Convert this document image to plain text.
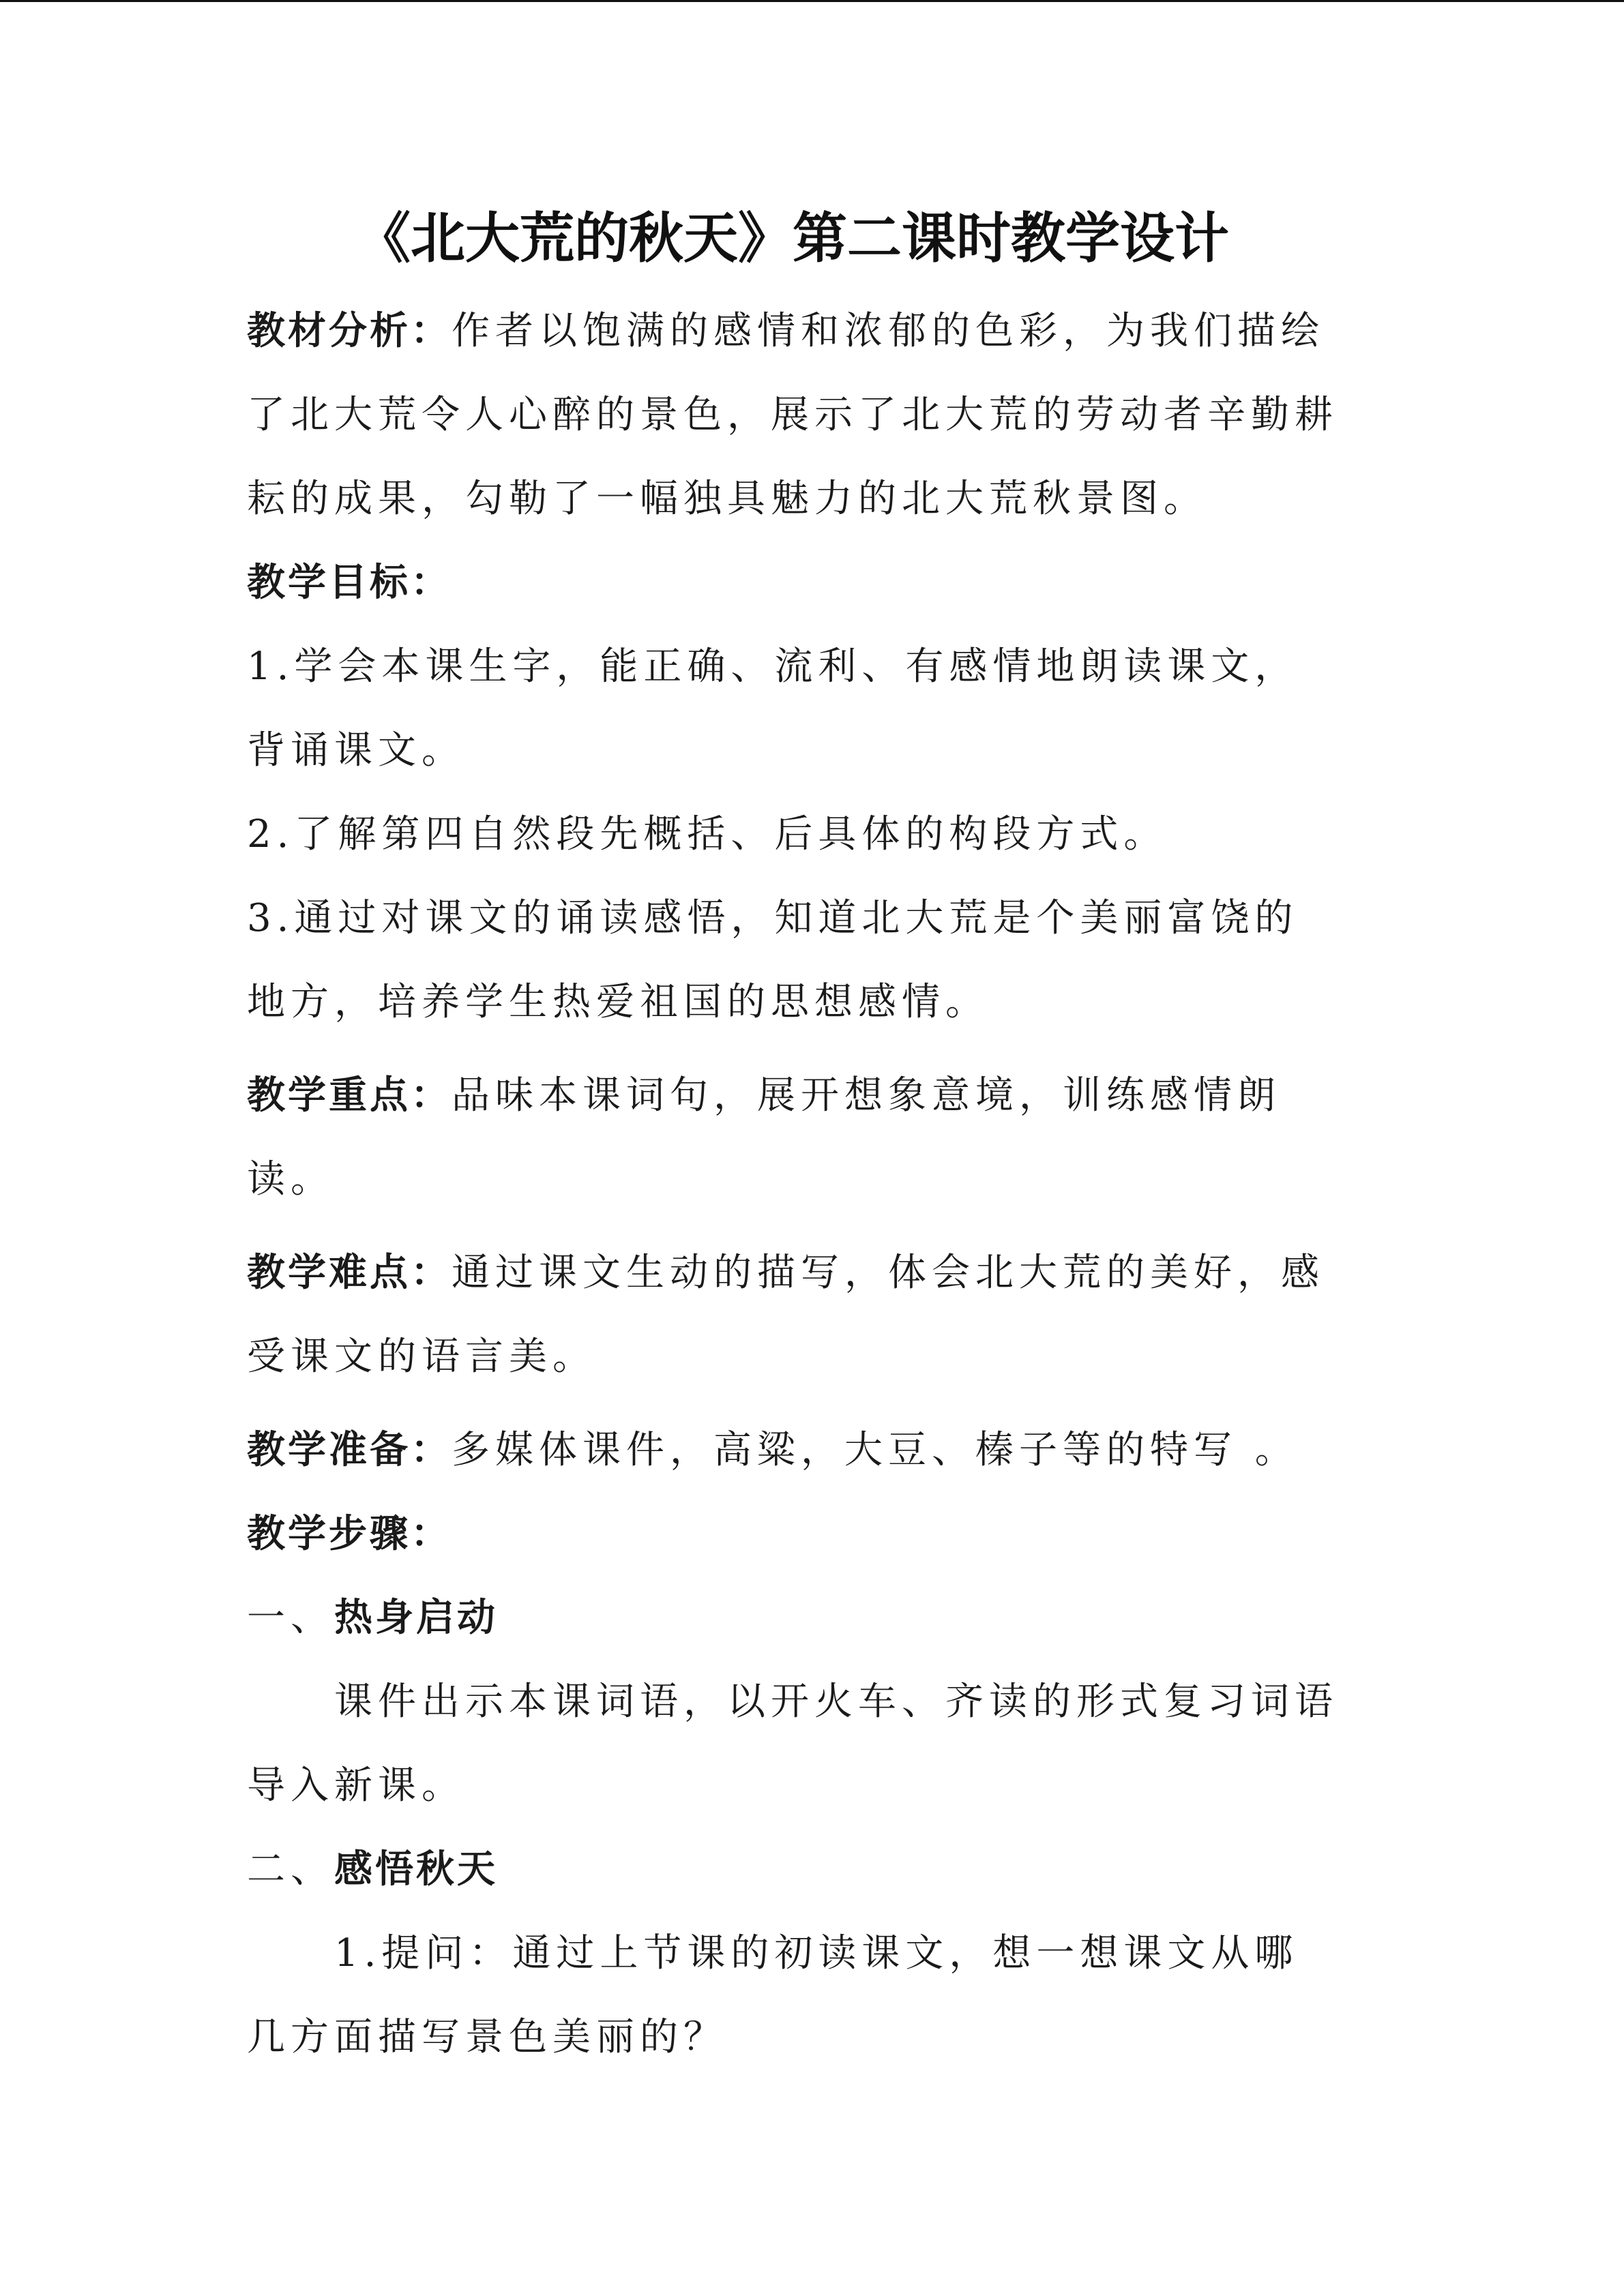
《北大荒的秋天》第二课时教学设计

教材分析：作者以饱满的感情和浓郁的色彩，为我们描绘了北大荒令人心醉的景色，展示了北大荒的劳动者辛勤耕耘的成果，勾勒了一幅独具魅力的北大荒秋景图。

教学目标：

1.学会本课生字，能正确、流利、有感情地朗读课文，背诵课文。

2.了解第四自然段先概括、后具体的构段方式。

3.通过对课文的诵读感悟，知道北大荒是个美丽富饶的地方，培养学生热爱祖国的思想感情。

教学重点：品味本课词句，展开想象意境，训练感情朗读。

教学难点：通过课文生动的描写，体会北大荒的美好，感受课文的语言美。

教学准备：多媒体课件，高粱，大豆、榛子等的特写 。

教学步骤：

一、热身启动

课件出示本课词语，以开火车、齐读的形式复习词语导入新课。

二、感悟秋天

1.提问：通过上节课的初读课文，想一想课文从哪几方面描写景色美丽的？
